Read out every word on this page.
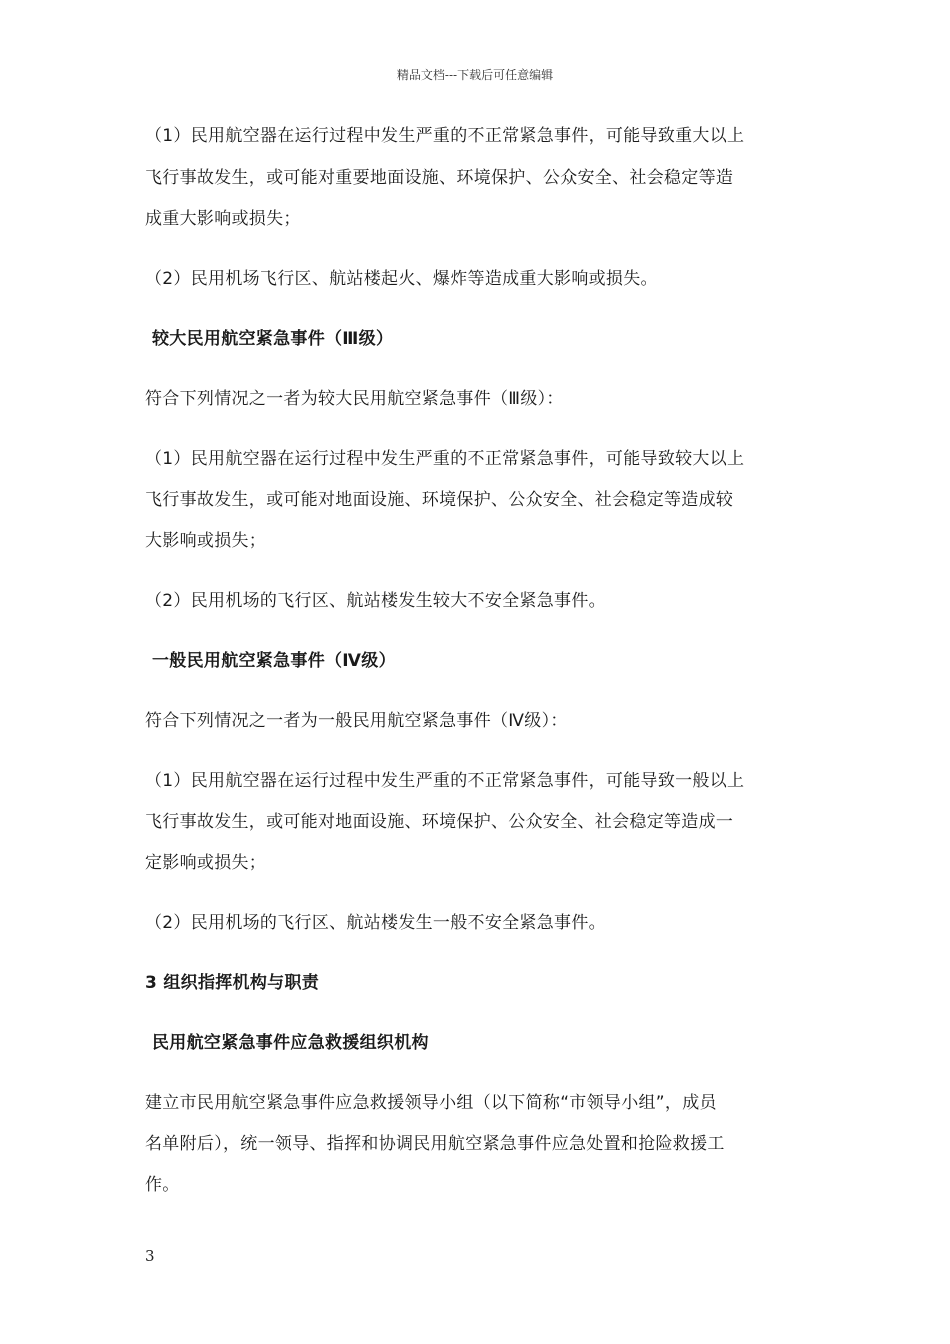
精品文档---下载后可任意编辑
（1）民用航空器在运行过程中发生严重的不正常紧急事件，可能导致重大以上
飞行事故发生，或可能对重要地面设施、环境保护、公众安全、社会稳定等造
成重大影响或损失；
（2）民用机场飞行区、航站楼起火、爆炸等造成重大影响或损失。
较大民用航空紧急事件（Ⅲ级）
符合下列情况之一者为较大民用航空紧急事件（Ⅲ级）：
（1）民用航空器在运行过程中发生严重的不正常紧急事件，可能导致较大以上
飞行事故发生，或可能对地面设施、环境保护、公众安全、社会稳定等造成较
大影响或损失；
（2）民用机场的飞行区、航站楼发生较大不安全紧急事件。
一般民用航空紧急事件（Ⅳ级）
符合下列情况之一者为一般民用航空紧急事件（Ⅳ级）：
（1）民用航空器在运行过程中发生严重的不正常紧急事件，可能导致一般以上
飞行事故发生，或可能对地面设施、环境保护、公众安全、社会稳定等造成一
定影响或损失；
（2）民用机场的飞行区、航站楼发生一般不安全紧急事件。
3 组织指挥机构与职责
民用航空紧急事件应急救援组织机构
建立市民用航空紧急事件应急救援领导小组（以下简称“市领导小组”，成员
名单附后），统一领导、指挥和协调民用航空紧急事件应急处置和抢险救援工
作。
3
